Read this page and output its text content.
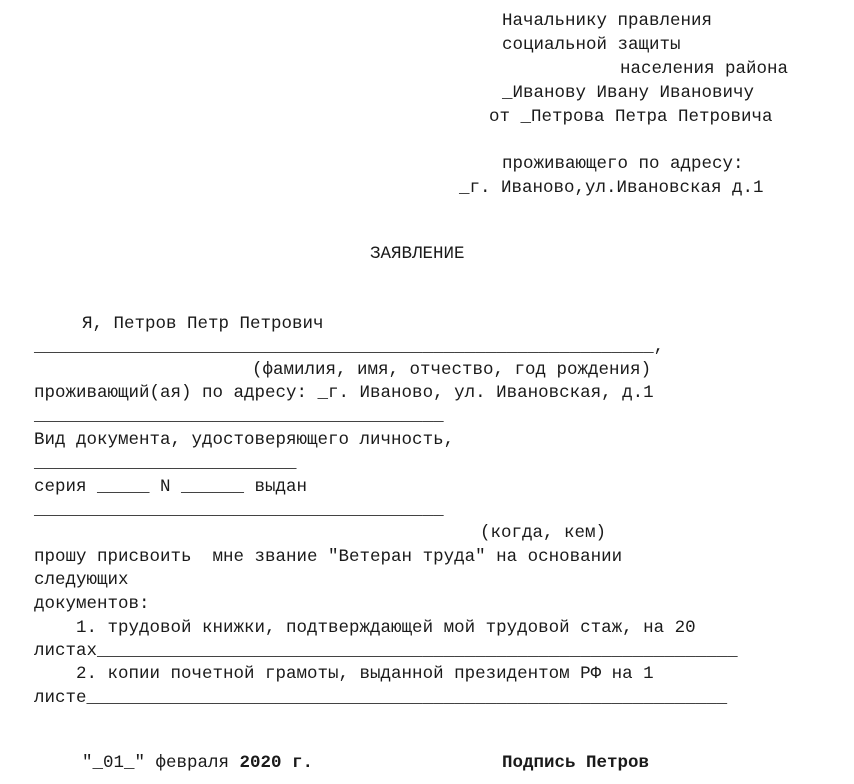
Начальнику правления
социальной защиты
населения района
_Иванову Ивану Ивановичу
от _Петрова Петра Петровича
проживающего по адресу:
_г. Иваново,ул.Ивановская д.1
ЗАЯВЛЕНИЕ
Я, Петров Петр Петрович
___________________________________________________________,
(фамилия, имя, отчество, год рождения)
проживающий(ая) по адресу: _г. Иваново, ул. Ивановская, д.1
_______________________________________
Вид документа, удостоверяющего личность,
_________________________
серия _____ N ______ выдан
_______________________________________
(когда, кем)
прошу присвоить  мне звание "Ветеран труда" на основании
следующих
документов:
1. трудовой книжки, подтверждающей мой трудовой стаж, на 20
листах_____________________________________________________________
2. копии почетной грамоты, выданной президентом РФ на 1
листе_____________________________________________________________
"_01_" февраля 2020 г.	Подпись Петров
